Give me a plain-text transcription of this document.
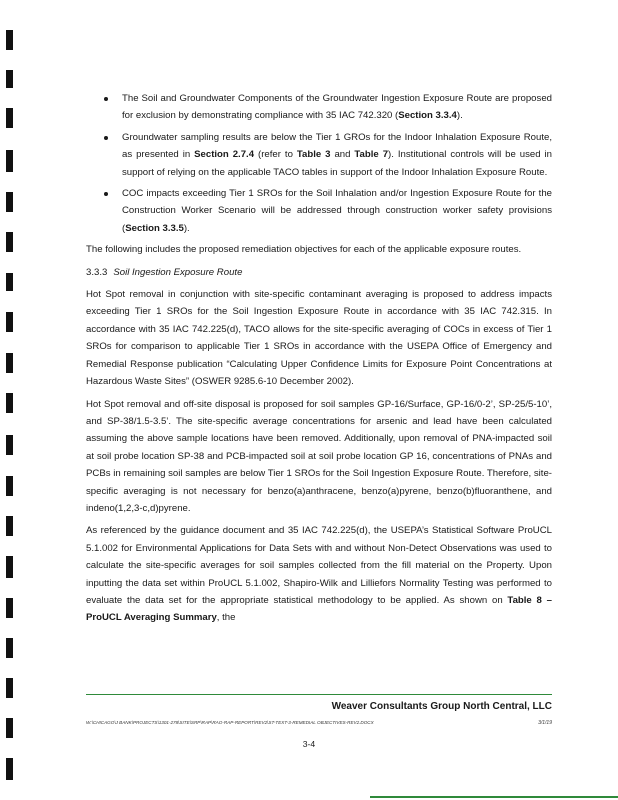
The Soil and Groundwater Components of the Groundwater Ingestion Exposure Route are proposed for exclusion by demonstrating compliance with 35 IAC 742.320 (Section 3.3.4).
Groundwater sampling results are below the Tier 1 GROs for the Indoor Inhalation Exposure Route, as presented in Section 2.7.4 (refer to Table 3 and Table 7). Institutional controls will be used in support of relying on the applicable TACO tables in support of the Indoor Inhalation Exposure Route.
COC impacts exceeding Tier 1 SROs for the Soil Inhalation and/or Ingestion Exposure Route for the Construction Worker Scenario will be addressed through construction worker safety provisions (Section 3.3.5).

The following includes the proposed remediation objectives for each of the applicable exposure routes.

3.3.3 Soil Ingestion Exposure Route

Hot Spot removal in conjunction with site-specific contaminant averaging is proposed to address impacts exceeding Tier 1 SROs for the Soil Ingestion Exposure Route in accordance with 35 IAC 742.315. In accordance with 35 IAC 742.225(d), TACO allows for the site-specific averaging of COCs in excess of Tier 1 SROs for comparison to applicable Tier 1 SROs in accordance with the USEPA Office of Emergency and Remedial Response publication “Calculating Upper Confidence Limits for Exposure Point Concentrations at Hazardous Waste Sites” (OSWER 9285.6-10 December 2002).

Hot Spot removal and off-site disposal is proposed for soil samples GP-16/Surface, GP-16/0-2’, SP-25/5-10’, and SP-38/1.5-3.5’. The site-specific average concentrations for arsenic and lead have been calculated assuming the above sample locations have been removed. Additionally, upon removal of PNA-impacted soil at soil probe location SP-38 and PCB-impacted soil at soil probe location GP 16, concentrations of PNAs and PCBs in remaining soil samples are below Tier 1 SROs for the Soil Ingestion Exposure Route. Therefore, site-specific averaging is not necessary for benzo(a)anthracene, benzo(a)pyrene, benzo(b)fluoranthene, and indeno(1,2,3-c,d)pyrene.

As referenced by the guidance document and 35 IAC 742.225(d), the USEPA’s Statistical Software ProUCL 5.1.002 for Environmental Applications for Data Sets with and without Non-Detect Observations was used to calculate the site-specific averages for soil samples collected from the fill material on the Property. Upon inputting the data set within ProUCL 5.1.002, Shapiro-Wilk and Lilliefors Normality Testing was performed to evaluate the data set for the appropriate statistical methodology to be applied. As shown on Table 8 – ProUCL Averaging Summary, the

Weaver Consultants Group North Central, LLC
W:\CHICAGO\J BANK\PROJECTS\1301-278\SITE\SRP\RAP\RAO-RAP-REPORT\REV2\ST-TEXT-3-REMEDIAL OBJECTIVES-REV2.DOCX	3/1/19
3-4
